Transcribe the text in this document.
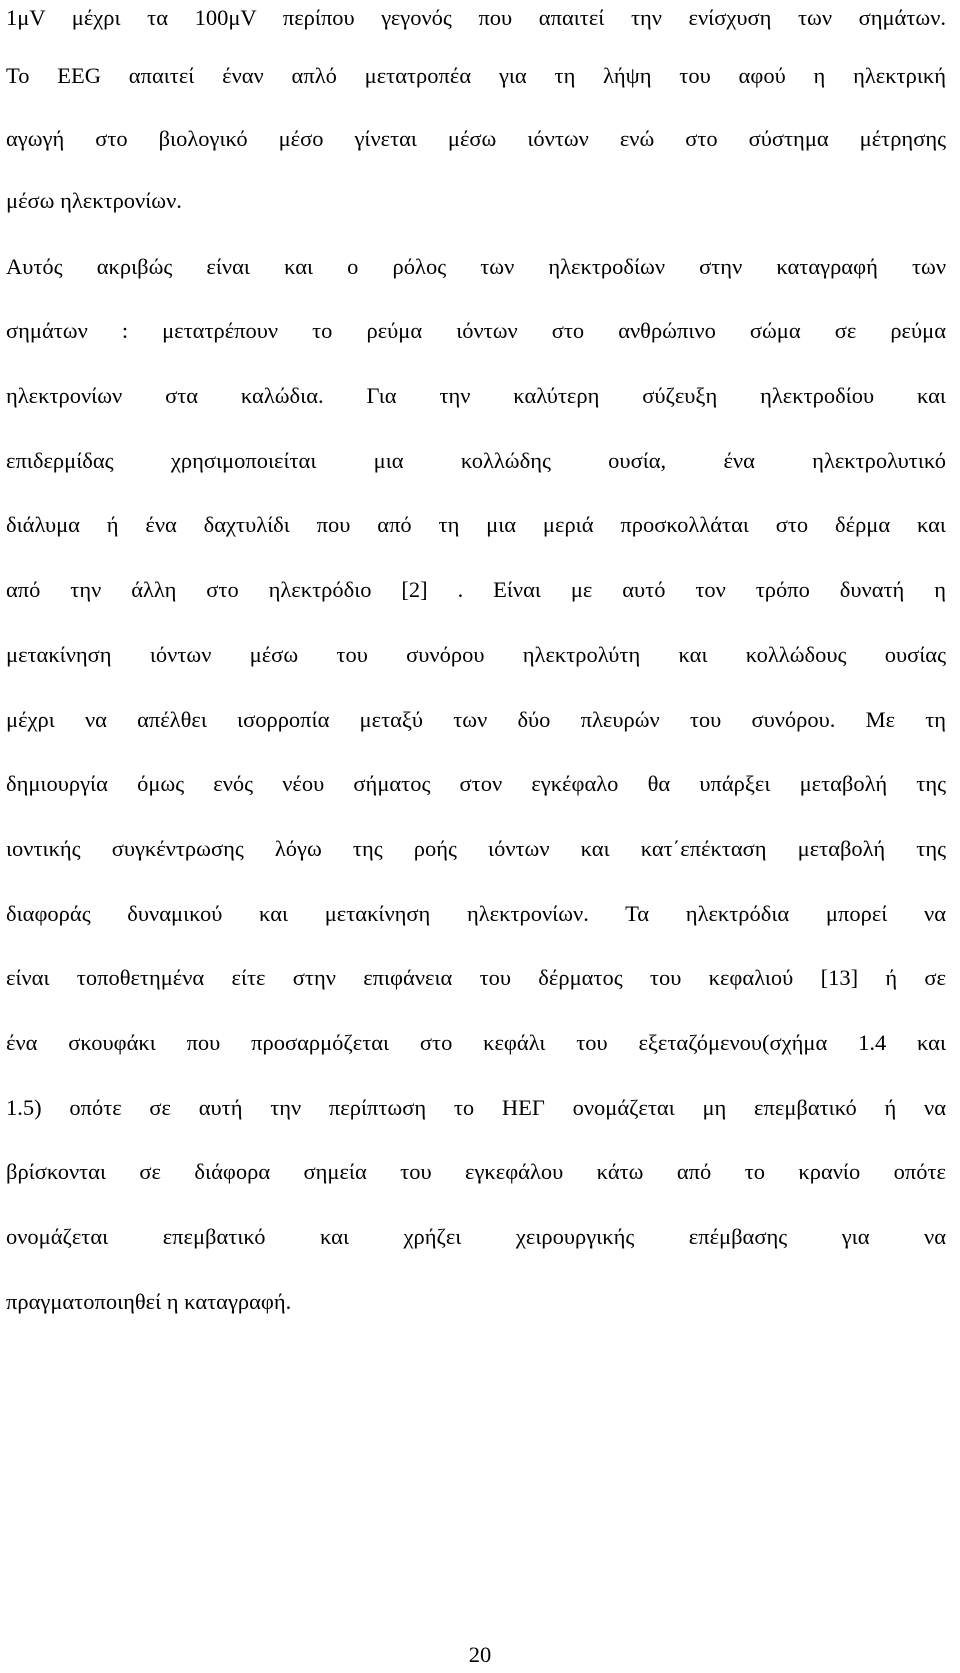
1μV μέχρι τα 100μV περίπου γεγονός που απαιτεί την ενίσχυση των σημάτων.
Το EEG απαιτεί έναν απλό μετατροπέα για τη λήψη του αφού η ηλεκτρική
αγωγή στο βιολογικό μέσο γίνεται μέσω ιόντων ενώ στο σύστημα μέτρησης
μέσω ηλεκτρονίων.
Αυτός ακριβώς είναι και ο ρόλος των ηλεκτροδίων στην καταγραφή των
σημάτων : μετατρέπουν το ρεύμα ιόντων στο ανθρώπινο σώμα σε ρεύμα
ηλεκτρονίων στα καλώδια. Για την καλύτερη σύζευξη ηλεκτροδίου και
επιδερμίδας χρησιμοποιείται μια κολλώδης ουσία, ένα ηλεκτρολυτικό
διάλυμα ή ένα δαχτυλίδι που από τη μια μεριά προσκολλάται στο δέρμα και
από την άλλη στο ηλεκτρόδιο [2] . Είναι με αυτό τον τρόπο δυνατή η
μετακίνηση ιόντων μέσω του συνόρου ηλεκτρολύτη και κολλώδους ουσίας
μέχρι να απέλθει ισορροπία μεταξύ των δύο πλευρών του συνόρου. Με τη
δημιουργία όμως ενός νέου σήματος στον εγκέφαλο θα υπάρξει μεταβολή της
ιοντικής συγκέντρωσης λόγω της ροής ιόντων και κατ΄επέκταση μεταβολή της
διαφοράς δυναμικού και μετακίνηση ηλεκτρονίων. Τα ηλεκτρόδια μπορεί να
είναι τοποθετημένα είτε στην επιφάνεια του δέρματος του κεφαλιού [13] ή σε
ένα σκουφάκι που προσαρμόζεται στο κεφάλι του εξεταζόμενου(σχήμα 1.4 και
1.5) οπότε σε αυτή την περίπτωση το ΗΕΓ ονομάζεται μη επεμβατικό ή να
βρίσκονται σε διάφορα σημεία του εγκεφάλου κάτω από το κρανίο οπότε
ονομάζεται επεμβατικό και χρήζει χειρουργικής επέμβασης για να
πραγματοποιηθεί η καταγραφή.
20
